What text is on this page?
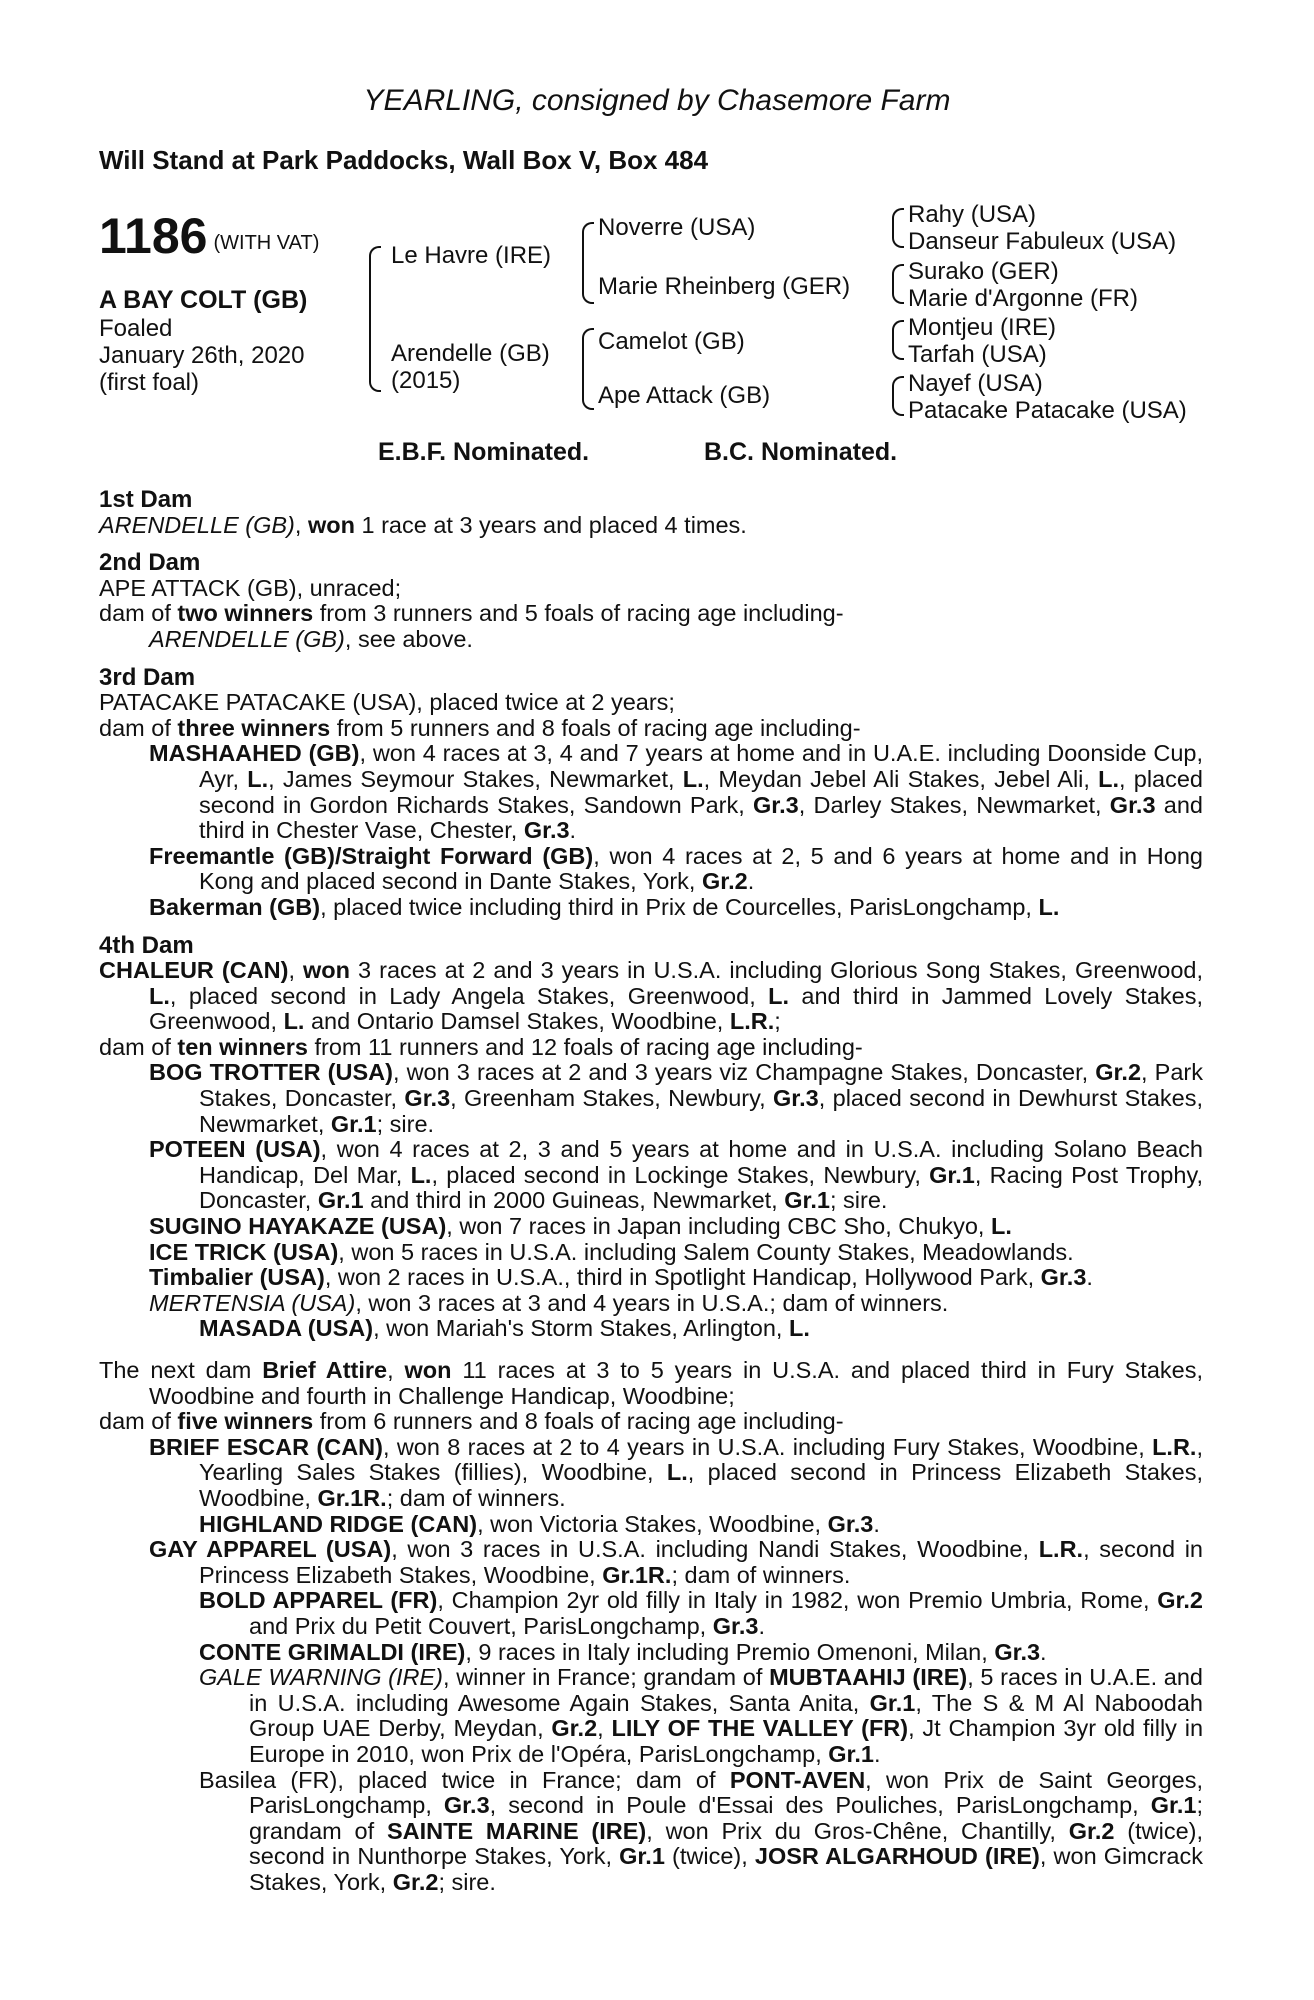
YEARLING, consigned by Chasemore Farm
Will Stand at Park Paddocks, Wall Box V, Box 484
1186 (WITH VAT)
A BAY COLT (GB)
Foaled
January 26th, 2020
(first foal)
Le Havre (IRE)
Arendelle (GB)
(2015)
Noverre (USA)
Marie Rheinberg (GER)
Camelot (GB)
Ape Attack (GB)
Rahy (USA)
Danseur Fabuleux (USA)
Surako (GER)
Marie d'Argonne (FR)
Montjeu (IRE)
Tarfah (USA)
Nayef (USA)
Patacake Patacake (USA)
E.B.F. Nominated.	B.C. Nominated.
1st Dam
ARENDELLE (GB), won 1 race at 3 years and placed 4 times.
2nd Dam
APE ATTACK (GB), unraced;
dam of two winners from 3 runners and 5 foals of racing age including-
ARENDELLE (GB), see above.
3rd Dam
PATACAKE PATACAKE (USA), placed twice at 2 years;
dam of three winners from 5 runners and 8 foals of racing age including-
MASHAAHED (GB), won 4 races at 3, 4 and 7 years at home and in U.A.E. including Doonside Cup, Ayr, L., James Seymour Stakes, Newmarket, L., Meydan Jebel Ali Stakes, Jebel Ali, L., placed second in Gordon Richards Stakes, Sandown Park, Gr.3, Darley Stakes, Newmarket, Gr.3 and third in Chester Vase, Chester, Gr.3.
Freemantle (GB)/Straight Forward (GB), won 4 races at 2, 5 and 6 years at home and in Hong Kong and placed second in Dante Stakes, York, Gr.2.
Bakerman (GB), placed twice including third in Prix de Courcelles, ParisLongchamp, L.
4th Dam
CHALEUR (CAN), won 3 races at 2 and 3 years in U.S.A. including Glorious Song Stakes, Greenwood, L., placed second in Lady Angela Stakes, Greenwood, L. and third in Jammed Lovely Stakes, Greenwood, L. and Ontario Damsel Stakes, Woodbine, L.R.;
dam of ten winners from 11 runners and 12 foals of racing age including-
BOG TROTTER (USA), won 3 races at 2 and 3 years viz Champagne Stakes, Doncaster, Gr.2, Park Stakes, Doncaster, Gr.3, Greenham Stakes, Newbury, Gr.3, placed second in Dewhurst Stakes, Newmarket, Gr.1; sire.
POTEEN (USA), won 4 races at 2, 3 and 5 years at home and in U.S.A. including Solano Beach Handicap, Del Mar, L., placed second in Lockinge Stakes, Newbury, Gr.1, Racing Post Trophy, Doncaster, Gr.1 and third in 2000 Guineas, Newmarket, Gr.1; sire.
SUGINO HAYAKAZE (USA), won 7 races in Japan including CBC Sho, Chukyo, L.
ICE TRICK (USA), won 5 races in U.S.A. including Salem County Stakes, Meadowlands.
Timbalier (USA), won 2 races in U.S.A., third in Spotlight Handicap, Hollywood Park, Gr.3.
MERTENSIA (USA), won 3 races at 3 and 4 years in U.S.A.; dam of winners.
MASADA (USA), won Mariah's Storm Stakes, Arlington, L.
The next dam Brief Attire, won 11 races at 3 to 5 years in U.S.A. and placed third in Fury Stakes, Woodbine and fourth in Challenge Handicap, Woodbine;
dam of five winners from 6 runners and 8 foals of racing age including-
BRIEF ESCAR (CAN), won 8 races at 2 to 4 years in U.S.A. including Fury Stakes, Woodbine, L.R., Yearling Sales Stakes (fillies), Woodbine, L., placed second in Princess Elizabeth Stakes, Woodbine, Gr.1R.; dam of winners.
HIGHLAND RIDGE (CAN), won Victoria Stakes, Woodbine, Gr.3.
GAY APPAREL (USA), won 3 races in U.S.A. including Nandi Stakes, Woodbine, L.R., second in Princess Elizabeth Stakes, Woodbine, Gr.1R.; dam of winners.
BOLD APPAREL (FR), Champion 2yr old filly in Italy in 1982, won Premio Umbria, Rome, Gr.2 and Prix du Petit Couvert, ParisLongchamp, Gr.3.
CONTE GRIMALDI (IRE), 9 races in Italy including Premio Omenoni, Milan, Gr.3.
GALE WARNING (IRE), winner in France; grandam of MUBTAAHIJ (IRE), 5 races in U.A.E. and in U.S.A. including Awesome Again Stakes, Santa Anita, Gr.1, The S & M Al Naboodah Group UAE Derby, Meydan, Gr.2, LILY OF THE VALLEY (FR), Jt Champion 3yr old filly in Europe in 2010, won Prix de l'Opéra, ParisLongchamp, Gr.1.
Basilea (FR), placed twice in France; dam of PONT-AVEN, won Prix de Saint Georges, ParisLongchamp, Gr.3, second in Poule d'Essai des Pouliches, ParisLongchamp, Gr.1; grandam of SAINTE MARINE (IRE), won Prix du Gros-Chêne, Chantilly, Gr.2 (twice), second in Nunthorpe Stakes, York, Gr.1 (twice), JOSR ALGARHOUD (IRE), won Gimcrack Stakes, York, Gr.2; sire.
